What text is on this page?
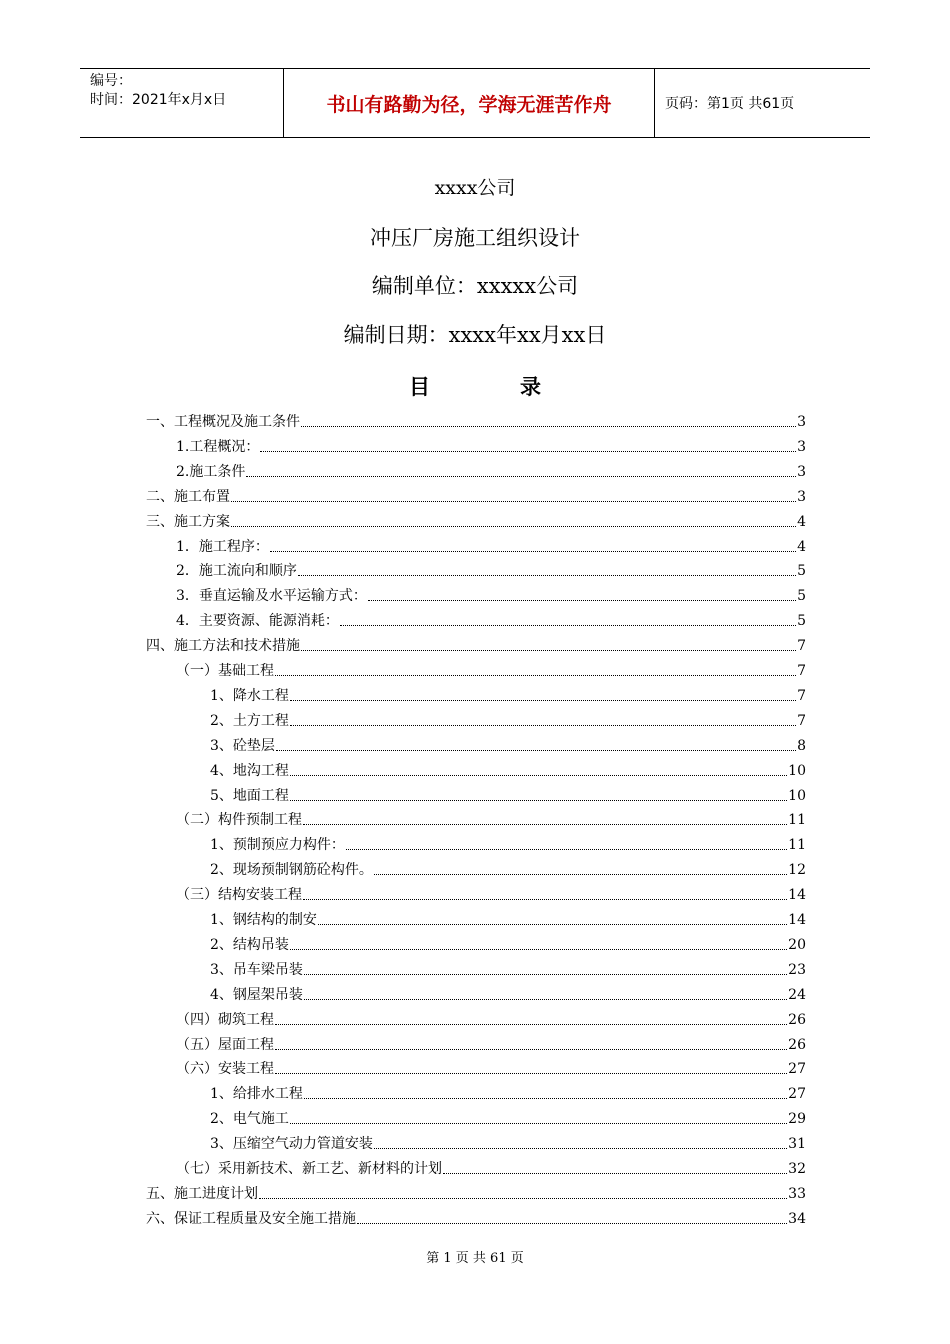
编号：
时间：2021年x月x日	书山有路勤为径，学海无涯苦作舟	页码：第1页 共61页
xxxx公司
冲压厂房施工组织设计
编制单位：xxxxx公司
编制日期：xxxx年xx月xx日
目	录
一、工程概况及施工条件	3
1.工程概况：	3
2.施工条件	3
二、施工布置	3
三、施工方案	4
1．施工程序：	4
2．施工流向和顺序	5
3．垂直运输及水平运输方式：	5
4．主要资源、能源消耗：	5
四、施工方法和技术措施	7
（一）基础工程	7
1、降水工程	7
2、土方工程	7
3、砼垫层	8
4、地沟工程	10
5、地面工程	10
（二）构件预制工程	11
1、预制预应力构件：	11
2、现场预制钢筋砼构件。	12
（三）结构安装工程	14
1、钢结构的制安	14
2、结构吊装	20
3、吊车梁吊装	23
4、钢屋架吊装	24
（四）砌筑工程	26
（五）屋面工程	26
（六）安装工程	27
1、给排水工程	27
2、电气施工	29
3、压缩空气动力管道安装	31
（七）采用新技术、新工艺、新材料的计划	32
五、施工进度计划	33
六、保证工程质量及安全施工措施	34
第 1 页 共 61 页
